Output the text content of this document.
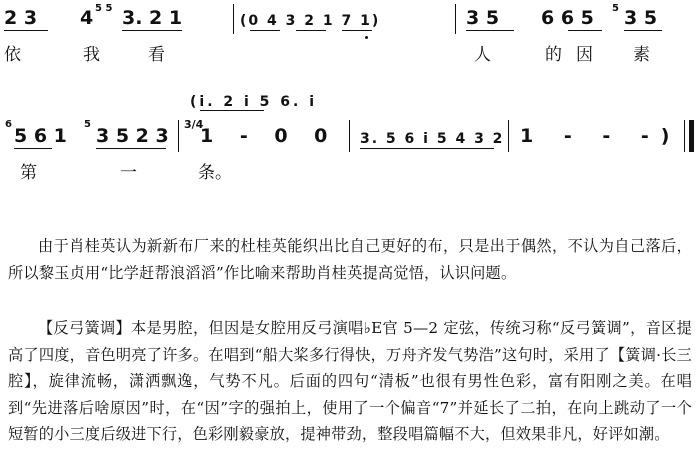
2 3	5 5
4 3. 2 1	(0 4 3 2 1 7 1)	3 5 6 6 5 5 3 5
依	我	看	人	的因 素
(i. 2 i 5 6. i
6
5 6 1
5
3 5 2 3
3/4
1 - 0 0 3. 5 6 i 5 4 3 2 1 - - -)
第	一	条。

由于肖桂英认为新新布厂来的杜桂英能织出比自己更好的布，只是出于偶然，不认为自己落后，所以黎玉贞用“比学赶帮浪滔滔”作比喻来帮助肖桂英提高觉悟，认识问题。

【反弓簧调】本是男腔，但因是女腔用反弓演唱♭E官 5—2 定弦，传统习称“反弓簧调”，音区提高了四度，音色明亮了许多。在唱到“船大桨多行得快，万舟齐发气势浩”这句时，采用了【簧调·长三腔】，旋律流畅，潇洒飘逸，气势不凡。后面的四句“清板”也很有男性色彩，富有阳刚之美。在唱到“先进落后啥原因”时，在“因”字的强拍上，使用了一个偏音“7”并延长了二拍，在向上跳动了一个短暂的小三度后级进下行，色彩刚毅豪放，提神带劲，整段唱篇幅不大，但效果非凡，好评如潮。
